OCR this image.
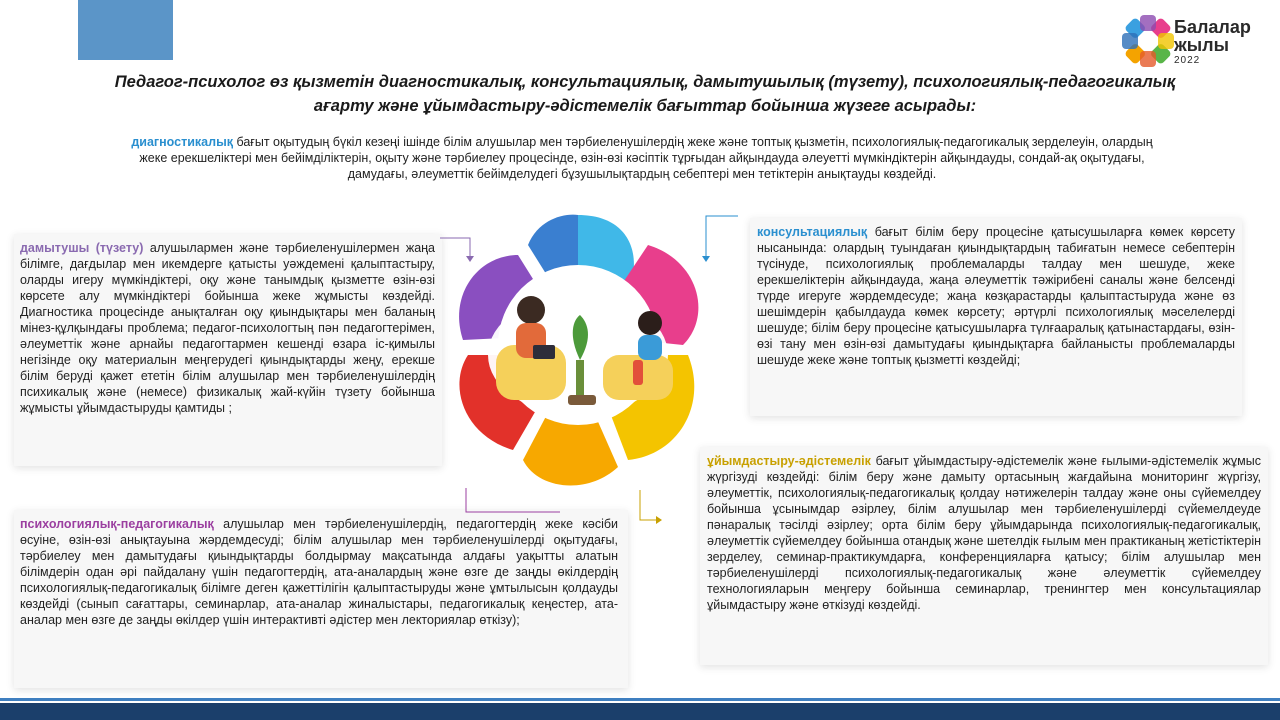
Балалар
жылы
2022
Педагог-психолог өз қызметін диагностикалық, консультациялық, дамытушылық (түзету), психологиялық-педагогикалық ағарту және ұйымдастыру-әдістемелік бағыттар бойынша жүзеге асырады:
диагностикалық бағыт оқытудың бүкіл кезеңі ішінде білім алушылар мен тәрбиеленушілердің жеке және топтық қызметін, психологиялық-педагогикалық зерделеуін, олардың жеке ерекшеліктері мен бейімділіктерін, оқыту және тәрбиелеу процесінде, өзін-өзі кәсіптік тұрғыдан айқындауда әлеуетті мүмкіндіктерін айқындауды, сондай-ақ оқытудағы, дамудағы, әлеуметтік бейімделудегі бұзушылықтардың себептері мен тетіктерін анықтауды көздейді.
дамытушы (түзету) алушылармен және тәрбиеленушілермен жаңа білімге, дағдылар мен икемдерге қатысты уәждемені қалыптастыру, оларды игеру мүмкіндіктері, оқу және танымдық қызметте өзін-өзі көрсете алу мүмкіндіктері бойынша жеке жұмысты көздейді. Диагностика процесінде анықталған оқу қиындықтары мен баланың мінез-құлқындағы проблема; педагог-психологтың пән педагогтерімен, әлеуметтік және арнайы педагогтармен кешенді өзара іс-қимылы негізінде оқу материалын меңгерудегі қиындықтарды жеңу, ерекше білім беруді қажет ететін білім алушылар мен тәрбиеленушілердің психикалық және (немесе) физикалық жай-күйін түзету бойынша жұмысты ұйымдастыруды қамтиды ;
консультациялық бағыт білім беру процесіне қатысушыларға көмек көрсету нысанында: олардың туындаған қиындықтардың табиғатын немесе себептерін түсінуде, психологиялық проблемаларды талдау мен шешуде, жеке ерекшеліктерін айқындауда, жаңа әлеуметтік тәжірибені саналы және белсенді түрде игеруге жәрдемдесуде; жаңа көзқарастарды қалыптастыруда және өз шешімдерін қабылдауда көмек көрсету; әртүрлі психологиялық мәселелерді шешуде; білім беру процесіне қатысушыларға түлғааралық қатынастардағы, өзін-өзі тану мен өзін-өзі дамытудағы қиындықтарға байланысты проблемаларды шешуде жеке және топтық қызметті көздейді;
ұйымдастыру-әдістемелік бағыт ұйымдастыру-әдістемелік және ғылыми-әдістемелік жұмыс жүргізуді көздейді: білім беру және дамыту ортасының жағдайына мониторинг жүргізу, әлеуметтік, психологиялық-педагогикалық қолдау нәтижелерін талдау және оны сүйемелдеу бойынша ұсынымдар әзірлеу, білім алушылар мен тәрбиеленушілерді сүйемелдеуде пәнаралық тәсілді әзірлеу; орта білім беру ұйымдарында психологиялық-педагогикалық, әлеуметтік сүйемелдеу бойынша отандық және шетелдік ғылым мен практиканың жетістіктерін зерделеу, семинар-практикумдарға, конференцияларға қатысу; білім алушылар мен тәрбиеленушілерді психологиялық-педагогикалық және әлеуметтік сүйемелдеу технологияларын меңгеру бойынша семинарлар, тренингтер мен консультациялар ұйымдастыру және өткізуді көздейді.
психологиялық-педагогикалық алушылар мен тәрбиеленушілердің, педагогтердің жеке кәсіби өсуіне, өзін-өзі анықтауына жәрдемдесуді; білім алушылар мен тәрбиеленушілерді оқытудағы, тәрбиелеу мен дамытудағы қиындықтарды болдырмау мақсатында алдағы уақытты алатын білімдерін одан әрі пайдалану үшін педагогтердің, ата-аналардың және өзге де заңды өкілдердің психологиялық-педагогикалық білімге деген қажеттілігін қалыптастыруды және ұмтылысын қолдауды көздейді (сынып сағаттары, семинарлар, ата-аналар жиналыстары, педагогикалық кеңестер, ата-аналар мен өзге де заңды өкілдер үшін интерактивті әдістер мен лекториялар өткізу);
